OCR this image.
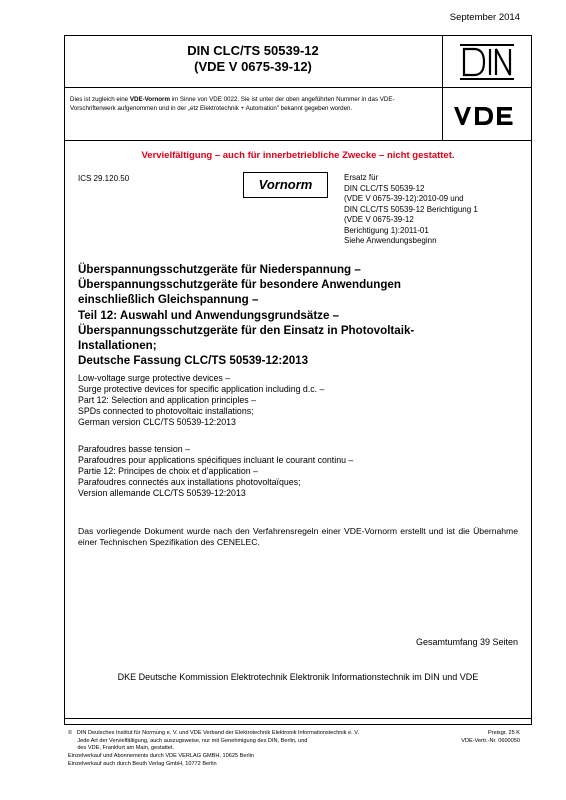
September 2014
DIN CLC/TS 50539-12
(VDE V 0675-39-12)
Dies ist zugleich eine VDE-Vornorm im Sinne von VDE 0022. Sie ist unter der oben angeführten Nummer in das VDE-Vorschriftenwerk aufgenommen und in der „etz Elektrotechnik + Automation” bekannt gegeben worden.
Vervielfältigung – auch für innerbetriebliche Zwecke – nicht gestattet.
ICS 29.120.50	Vornorm	Ersatz für
DIN CLC/TS 50539-12
(VDE V 0675-39-12):2010-09 und
DIN CLC/TS 50539-12 Berichtigung 1
(VDE V 0675-39-12
Berichtigung 1):2011-01
Siehe Anwendungsbeginn
Überspannungsschutzgeräte für Niederspannung –
Überspannungsschutzgeräte für besondere Anwendungen
einschließlich Gleichspannung –
Teil 12: Auswahl und Anwendungsgrundsätze –
Überspannungsschutzgeräte für den Einsatz in Photovoltaik-
Installationen;
Deutsche Fassung CLC/TS 50539-12:2013
Low-voltage surge protective devices –
Surge protective devices for specific application including d.c. –
Part 12: Selection and application principles –
SPDs connected to photovoltaic installations;
German version CLC/TS 50539-12:2013
Parafoudres basse tension –
Parafoudres pour applications spécifiques incluant le courant continu –
Partie 12: Principes de choix et d’application –
Parafoudres connectés aux installations photovoltaïques;
Version allemande CLC/TS 50539-12:2013
Das vorliegende Dokument wurde nach den Verfahrensregeln einer VDE-Vornorm erstellt und ist die Übernahme einer Technischen Spezifikation des CENELEC.
Gesamtumfang 39 Seiten
DKE Deutsche Kommission Elektrotechnik Elektronik Informationstechnik im DIN und VDE
©   DIN Deutsches Institut für Normung e. V. und VDE Verband der Elektrotechnik Elektronik Informationstechnik e. V.
Jede Art der Vervielfältigung, auch auszugsweise, nur mit Genehmigung des DIN, Berlin, und
des VDE, Frankfurt am Main, gestattet.
Einzelverkauf und Abonnements durch VDE VERLAG GMBH, 10625 Berlin
Einzelverkauf auch durch Beuth Verlag GmbH, 10772 Berlin
Preisgr. 25 K
VDE-Vertr.-Nr. 0600050
